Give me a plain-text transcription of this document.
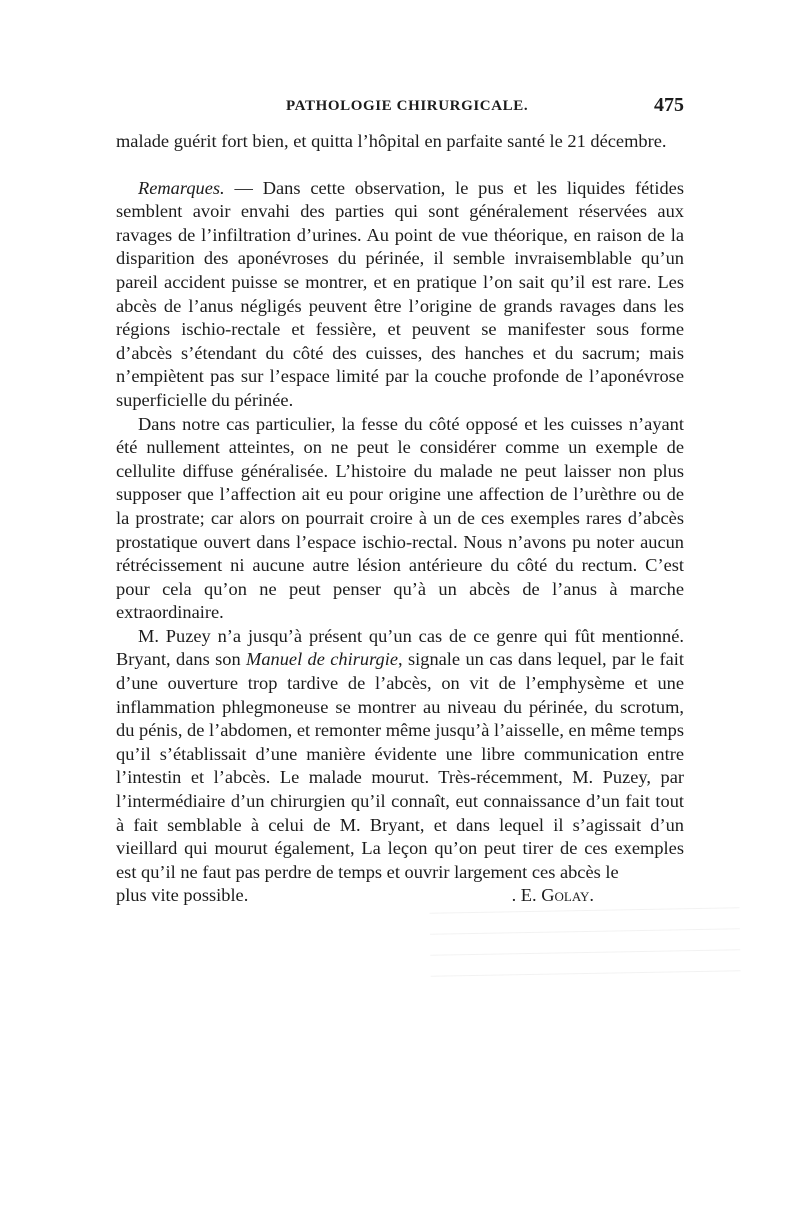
PATHOLOGIE CHIRURGICALE.	475

malade guérit fort bien, et quitta l’hôpital en parfaite santé le 21 décembre.

Remarques. — Dans cette observation, le pus et les liquides fétides semblent avoir envahi des parties qui sont généralement réservées aux ravages de l’infiltration d’urines. Au point de vue théorique, en raison de la disparition des aponévroses du périnée, il semble invraisemblable qu’un pareil accident puisse se montrer, et en pratique l’on sait qu’il est rare. Les abcès de l’anus négligés peuvent être l’origine de grands ravages dans les régions ischio-rectale et fessière, et peuvent se manifester sous forme d’abcès s’étendant du côté des cuisses, des hanches et du sacrum; mais n’empiètent pas sur l’espace limité par la couche profonde de l’aponévrose superficielle du périnée.

Dans notre cas particulier, la fesse du côté opposé et les cuisses n’ayant été nullement atteintes, on ne peut le considérer comme un exemple de cellulite diffuse généralisée. L’histoire du malade ne peut laisser non plus supposer que l’affection ait eu pour origine une affection de l’urèthre ou de la prostrate; car alors on pourrait croire à un de ces exemples rares d’abcès prostatique ouvert dans l’espace ischio-rectal. Nous n’avons pu noter aucun rétrécissement ni aucune autre lésion antérieure du côté du rectum. C’est pour cela qu’on ne peut penser qu’à un abcès de l’anus à marche extraordinaire.

M. Puzey n’a jusqu’à présent qu’un cas de ce genre qui fût mentionné. Bryant, dans son Manuel de chirurgie, signale un cas dans lequel, par le fait d’une ouverture trop tardive de l’abcès, on vit de l’emphysème et une inflammation phlegmoneuse se montrer au niveau du périnée, du scrotum, du pénis, de l’abdomen, et remonter même jusqu’à l’aisselle, en même temps qu’il s’établissait d’une manière évidente une libre communication entre l’intestin et l’abcès. Le malade mourut. Très-récemment, M. Puzey, par l’intermédiaire d’un chirurgien qu’il connaît, eut connaissance d’un fait tout à fait semblable à celui de M. Bryant, et dans lequel il s’agissait d’un vieillard qui mourut également, La leçon qu’on peut tirer de ces exemples est qu’il ne faut pas perdre de temps et ouvrir largement ces abcès le

plus vite possible.	. E. Golay.
